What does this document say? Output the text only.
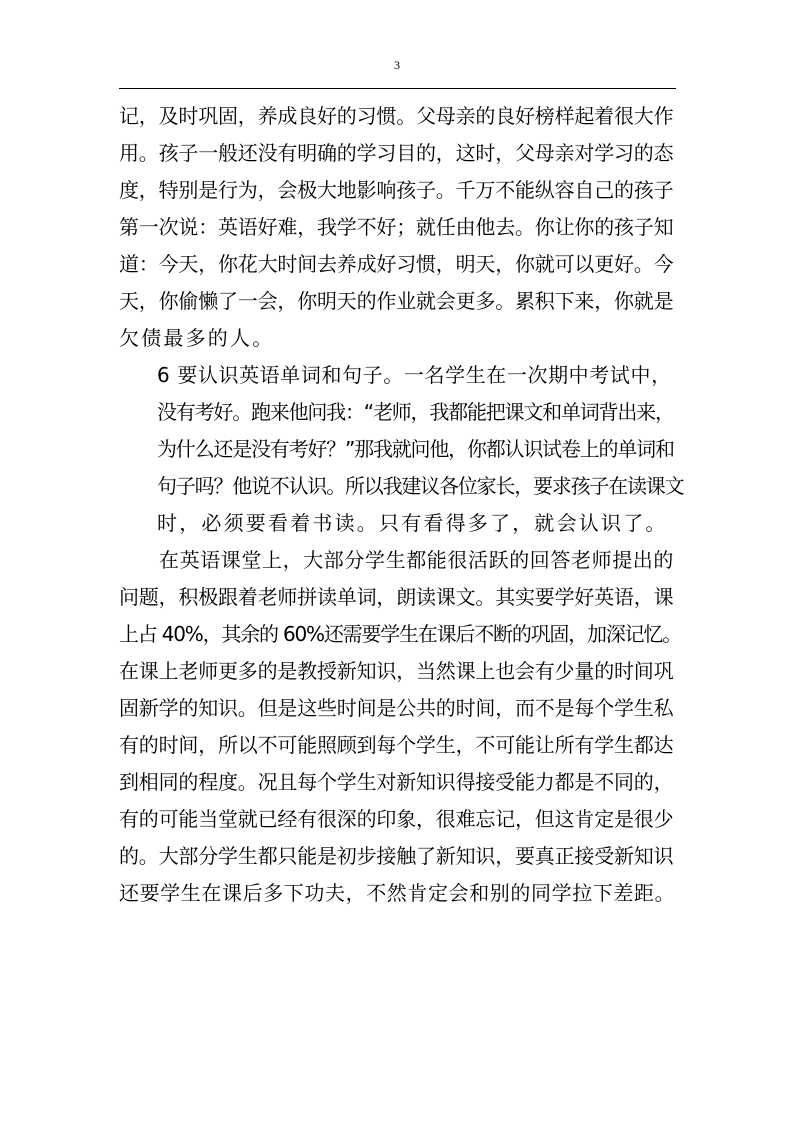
3

记，及时巩固，养成良好的习惯。父母亲的良好榜样起着很大作
用。孩子一般还没有明确的学习目的，这时，父母亲对学习的态
度，特别是行为，会极大地影响孩子。千万不能纵容自己的孩子
第一次说：英语好难，我学不好；就任由他去。你让你的孩子知
道：今天，你花大时间去养成好习惯，明天，你就可以更好。今
天，你偷懒了一会，你明天的作业就会更多。累积下来，你就是
欠债最多的人。

6 要认识英语单词和句子。一名学生在一次期中考试中，
没有考好。跑来他问我：“老师，我都能把课文和单词背出来，
为什么还是没有考好？”那我就问他，你都认识试卷上的单词和
句子吗？他说不认识。所以我建议各位家长，要求孩子在读课文
时，必须要看着书读。只有看得多了，就会认识了。

在英语课堂上，大部分学生都能很活跃的回答老师提出的
问题，积极跟着老师拼读单词，朗读课文。其实要学好英语，课
上占 40%，其余的 60%还需要学生在课后不断的巩固，加深记忆。
在课上老师更多的是教授新知识，当然课上也会有少量的时间巩
固新学的知识。但是这些时间是公共的时间，而不是每个学生私
有的时间，所以不可能照顾到每个学生，不可能让所有学生都达
到相同的程度。况且每个学生对新知识得接受能力都是不同的，
有的可能当堂就已经有很深的印象，很难忘记，但这肯定是很少
的。大部分学生都只能是初步接触了新知识，要真正接受新知识
还要学生在课后多下功夫，不然肯定会和别的同学拉下差距。
